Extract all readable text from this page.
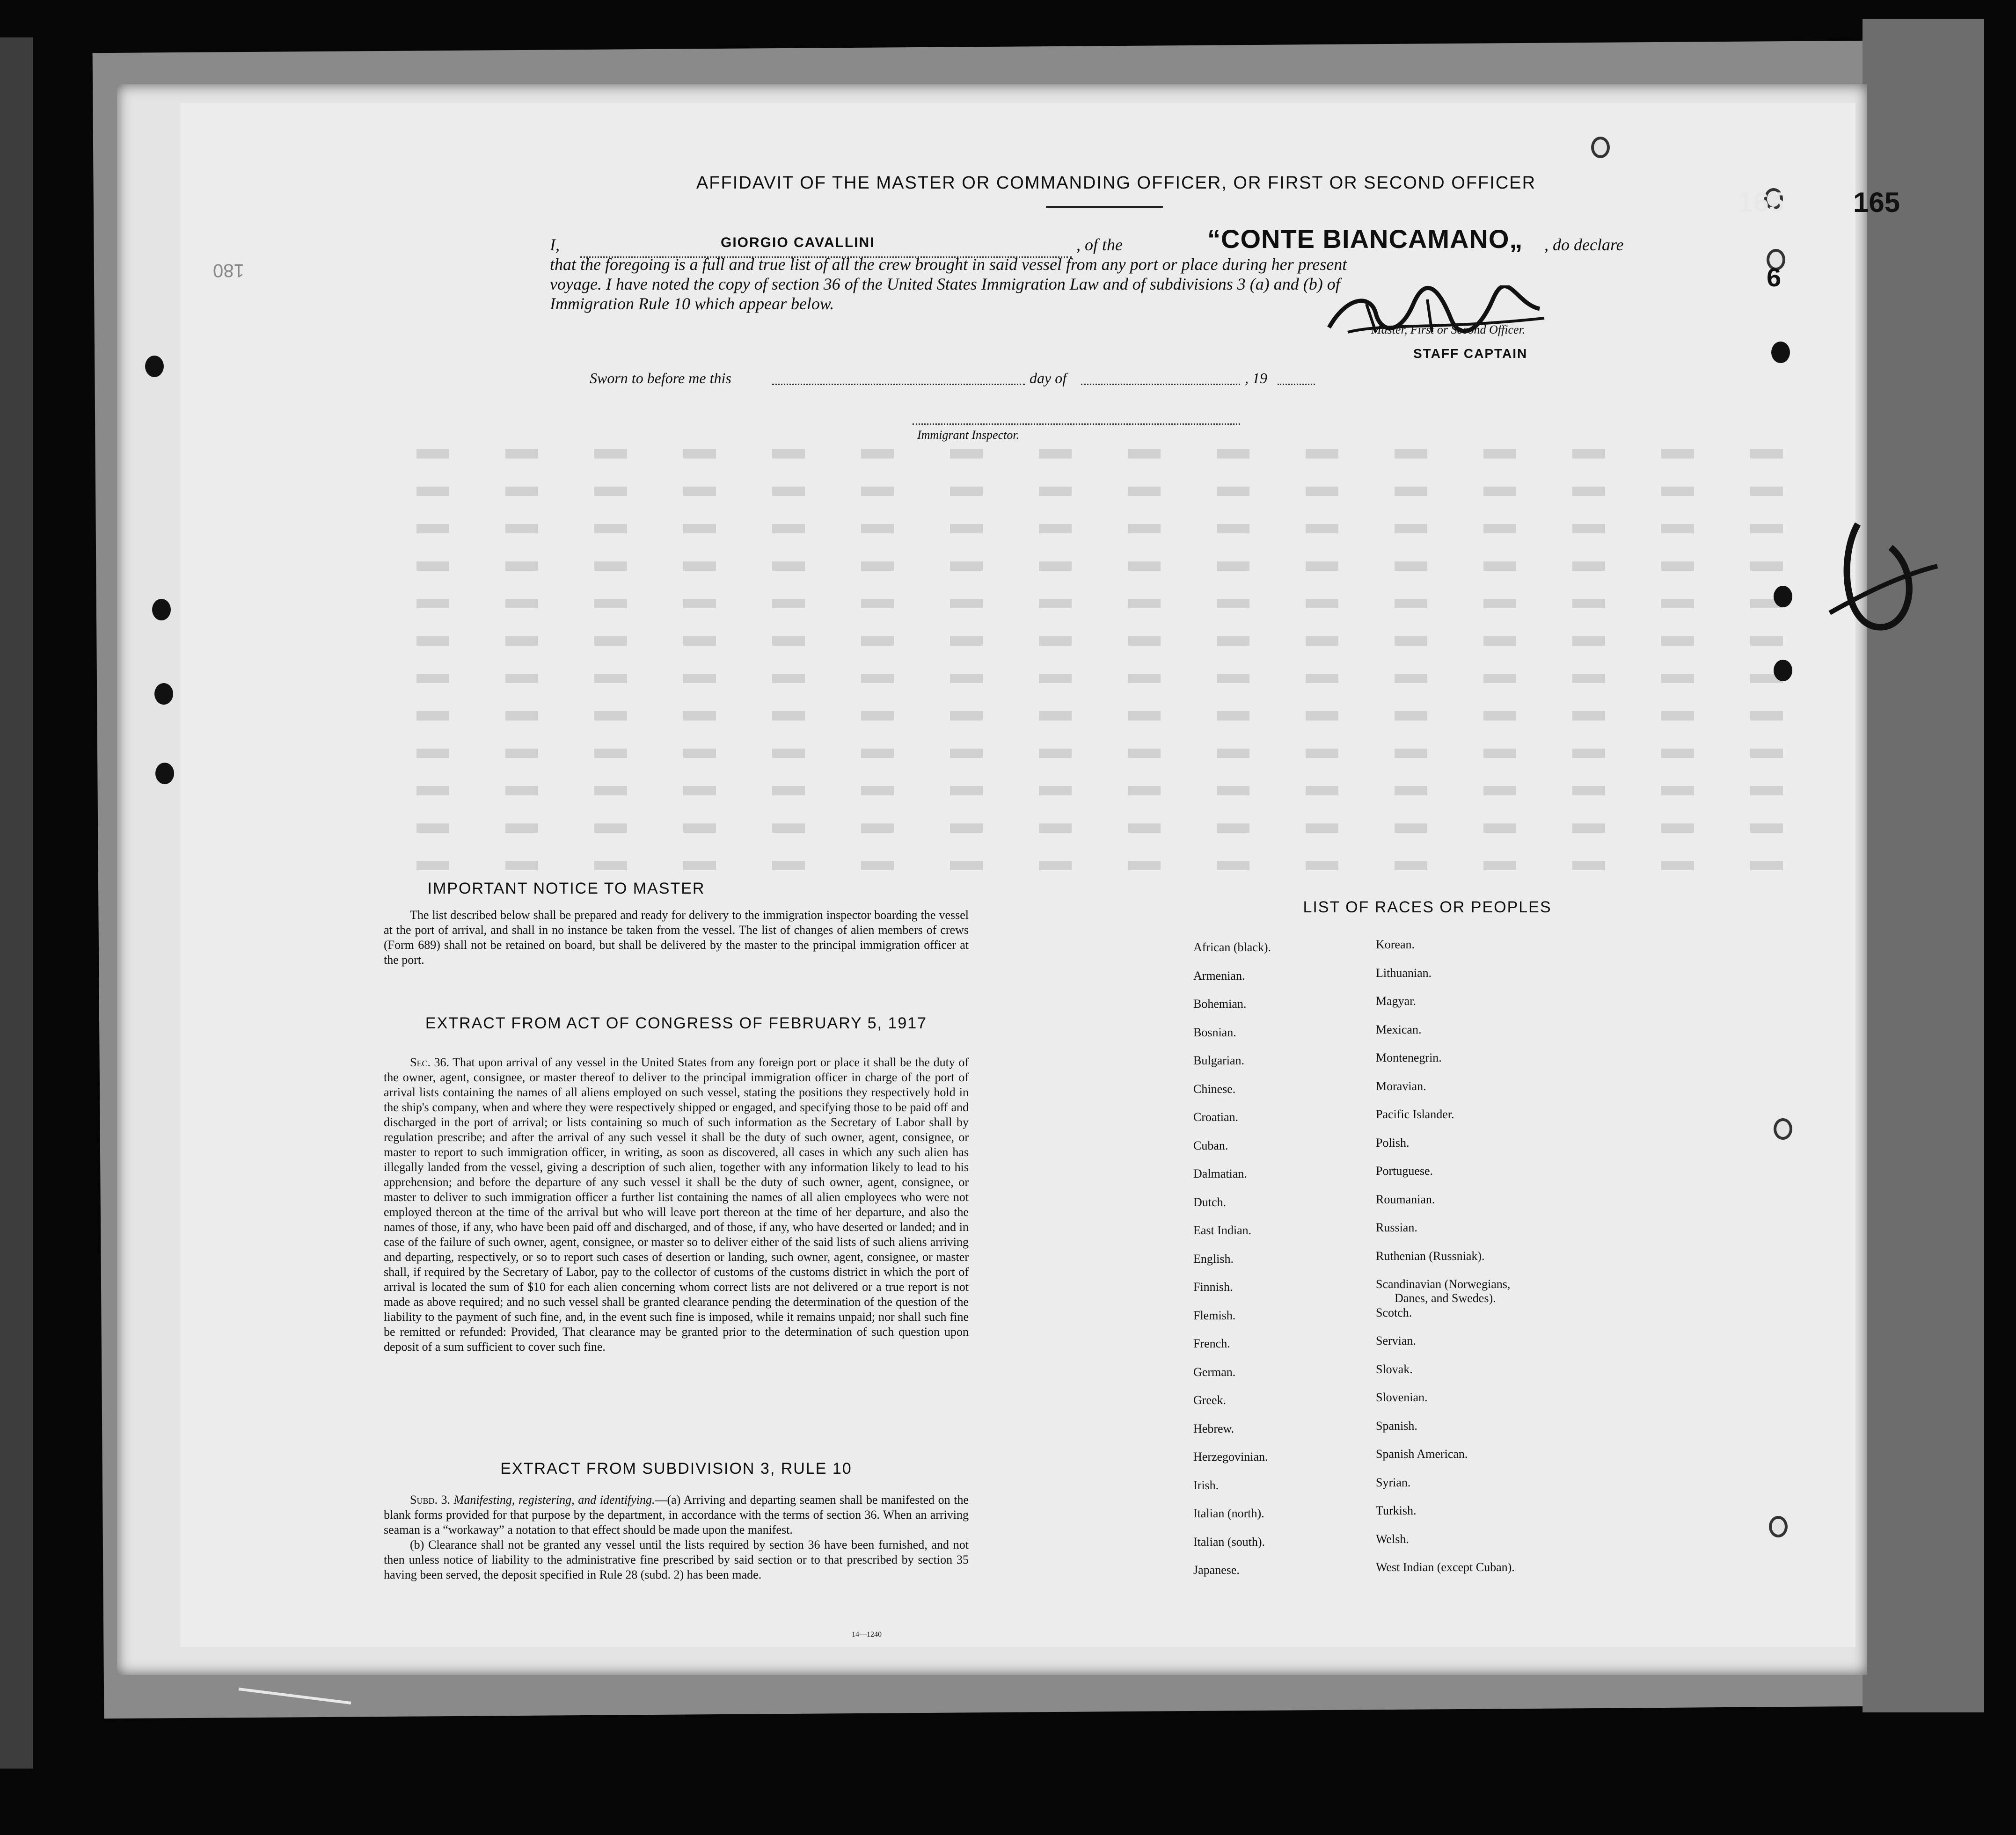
AFFIDAVIT OF THE MASTER OR COMMANDING OFFICER, OR FIRST OR SECOND OFFICER
I,	GIORGIO CAVALLINI	, of the	“CONTE BIANCAMANO„ , do declare
that the foregoing is a full and true list of all the crew brought in said vessel from any port or place during her present
voyage. I have noted the copy of section 36 of the United States Immigration Law and of subdivisions 3 (a) and (b) of
Immigration Rule 10 which appear below.
Master, First or Second Officer.
STAFF CAPTAIN
Sworn to before me this	day of	, 19
Immigrant Inspector.
IMPORTANT NOTICE TO MASTER
The list described below shall be prepared and ready for delivery to the immigration inspector boarding the vessel at the port of arrival, and shall in no instance be taken from the vessel. The list of changes of alien members of crews (Form 689) shall not be retained on board, but shall be delivered by the master to the principal immigration officer at the port.
EXTRACT FROM ACT OF CONGRESS OF FEBRUARY 5, 1917
Sec. 36. That upon arrival of any vessel in the United States from any foreign port or place it shall be the duty of the owner, agent, consignee, or master thereof to deliver to the principal immigration officer in charge of the port of arrival lists containing the names of all aliens employed on such vessel, stating the positions they respectively hold in the ship's company, when and where they were respectively shipped or engaged, and specifying those to be paid off and discharged in the port of arrival; or lists containing so much of such information as the Secretary of Labor shall by regulation prescribe; and after the arrival of any such vessel it shall be the duty of such owner, agent, consignee, or master to report to such immigration officer, in writing, as soon as discovered, all cases in which any such alien has illegally landed from the vessel, giving a description of such alien, together with any information likely to lead to his apprehension; and before the departure of any such vessel it shall be the duty of such owner, agent, consignee, or master to deliver to such immigration officer a further list containing the names of all alien employees who were not employed thereon at the time of the arrival but who will leave port thereon at the time of her departure, and also the names of those, if any, who have been paid off and discharged, and of those, if any, who have deserted or landed; and in case of the failure of such owner, agent, consignee, or master so to deliver either of the said lists of such aliens arriving and departing, respectively, or so to report such cases of desertion or landing, such owner, agent, consignee, or master shall, if required by the Secretary of Labor, pay to the collector of customs of the customs district in which the port of arrival is located the sum of $10 for each alien concerning whom correct lists are not delivered or a true report is not made as above required; and no such vessel shall be granted clearance pending the determination of the question of the liability to the payment of such fine, and, in the event such fine is imposed, while it remains unpaid; nor shall such fine be remitted or refunded: Provided, That clearance may be granted prior to the determination of such question upon deposit of a sum sufficient to cover such fine.
EXTRACT FROM SUBDIVISION 3, RULE 10
Subd. 3. Manifesting, registering, and identifying.—(a) Arriving and departing seamen shall be manifested on the blank forms provided for that purpose by the department, in accordance with the terms of section 36. When an arriving seaman is a “workaway” a notation to that effect should be made upon the manifest.
(b) Clearance shall not be granted any vessel until the lists required by section 36 have been furnished, and not then unless notice of liability to the administrative fine prescribed by said section or to that prescribed by section 35 having been served, the deposit specified in Rule 28 (subd. 2) has been made.
14—1240
LIST OF RACES OR PEOPLES
African (black).
Armenian.
Bohemian.
Bosnian.
Bulgarian.
Chinese.
Croatian.
Cuban.
Dalmatian.
Dutch.
East Indian.
English.
Finnish.
Flemish.
French.
German.
Greek.
Hebrew.
Herzegovinian.
Irish.
Italian (north).
Italian (south).
Japanese.
Korean.
Lithuanian.
Magyar.
Mexican.
Montenegrin.
Moravian.
Pacific Islander.
Polish.
Portuguese.
Roumanian.
Russian.
Ruthenian (Russniak).
Scandinavian (Norwegians,
Danes, and Swedes).
Scotch.
Servian.
Slovak.
Slovenian.
Spanish.
Spanish American.
Syrian.
Turkish.
Welsh.
West Indian (except Cuban).
165
165
6
180
